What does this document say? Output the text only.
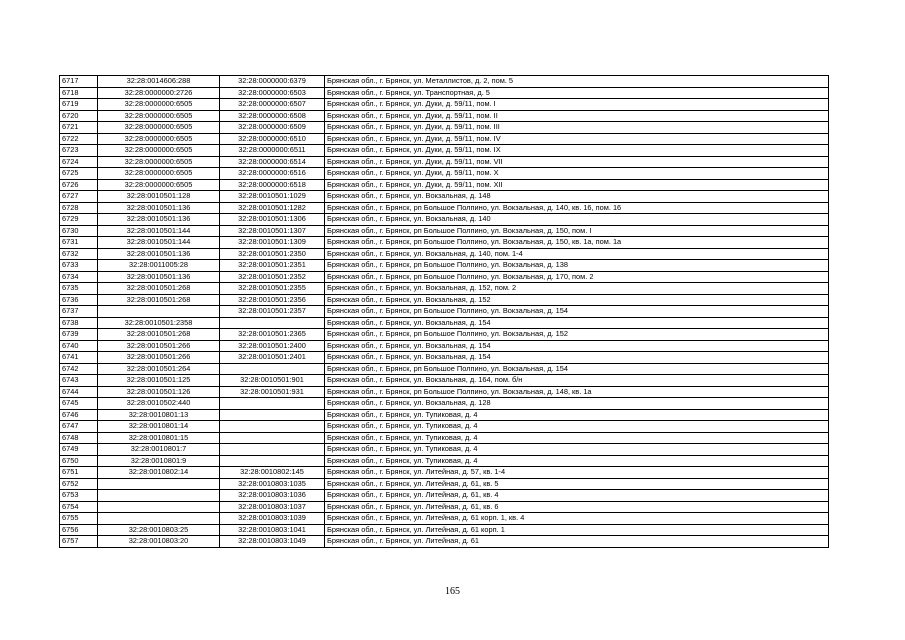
6717	32:28:0014606:288	32:28:0000000:6379	Брянская обл., г. Брянск, ул. Металлистов, д. 2, пом. 5
6718	32:28:0000000:2726	32:28:0000000:6503	Брянская обл., г. Брянск, ул. Транспортная, д. 5
6719	32:28:0000000:6505	32:28:0000000:6507	Брянская обл., г. Брянск, ул. Дуки, д. 59/11, пом. I
6720	32:28:0000000:6505	32:28:0000000:6508	Брянская обл., г. Брянск, ул. Дуки, д. 59/11, пом. II
6721	32:28:0000000:6505	32:28:0000000:6509	Брянская обл., г. Брянск, ул. Дуки, д. 59/11, пом. III
6722	32:28:0000000:6505	32:28:0000000:6510	Брянская обл., г. Брянск, ул. Дуки, д. 59/11, пом. IV
6723	32:28:0000000:6505	32:28:0000000:6511	Брянская обл., г. Брянск, ул. Дуки, д. 59/11, пом. IX
6724	32:28:0000000:6505	32:28:0000000:6514	Брянская обл., г. Брянск, ул. Дуки, д. 59/11, пом. VII
6725	32:28:0000000:6505	32:28:0000000:6516	Брянская обл., г. Брянск, ул. Дуки, д. 59/11, пом. X
6726	32:28:0000000:6505	32:28:0000000:6518	Брянская обл., г. Брянск, ул. Дуки, д. 59/11, пом. XII
6727	32:28:0010501:128	32:28:0010501:1029	Брянская обл., г. Брянск, ул. Вокзальная, д. 148
6728	32:28:0010501:136	32:28:0010501:1282	Брянская обл., г. Брянск, рп Большое Полпино, ул. Вокзальная, д. 140, кв. 16, пом. 16
6729	32:28:0010501:136	32:28:0010501:1306	Брянская обл., г. Брянск, ул. Вокзальная, д. 140
6730	32:28:0010501:144	32:28:0010501:1307	Брянская обл., г. Брянск, рп Большое Полпино, ул. Вокзальная, д. 150, пом. I
6731	32:28:0010501:144	32:28:0010501:1309	Брянская обл., г. Брянск, рп Большое Полпино, ул. Вокзальная, д. 150, кв. 1а, пом. 1а
6732	32:28:0010501:136	32:28:0010501:2350	Брянская обл., г. Брянск, ул. Вокзальная, д. 140, пом. 1-4
6733	32:28:0011005:28	32:28:0010501:2351	Брянская обл., г. Брянск, рп Большое Полпино, ул. Вокзальная, д. 138
6734	32:28:0010501:136	32:28:0010501:2352	Брянская обл., г. Брянск, рп Большое Полпино, ул. Вокзальная, д. 170, пом. 2
6735	32:28:0010501:268	32:28:0010501:2355	Брянская обл., г. Брянск, ул. Вокзальная, д. 152, пом. 2
6736	32:28:0010501:268	32:28:0010501:2356	Брянская обл., г. Брянск, ул. Вокзальная, д. 152
6737		32:28:0010501:2357	Брянская обл., г. Брянск, рп Большое Полпино, ул. Вокзальная, д. 154
6738	32:28:0010501:2358		Брянская обл., г. Брянск, ул. Вокзальная, д. 154
6739	32:28:0010501:268	32:28:0010501:2365	Брянская обл., г. Брянск, рп Большое Полпино, ул. Вокзальная, д. 152
6740	32:28:0010501:266	32:28:0010501:2400	Брянская обл., г. Брянск, ул. Вокзальная, д. 154
6741	32:28:0010501:266	32:28:0010501:2401	Брянская обл., г. Брянск, ул. Вокзальная, д. 154
6742	32:28:0010501:264		Брянская обл., г. Брянск, рп Большое Полпино, ул. Вокзальная, д. 154
6743	32:28:0010501:125	32:28:0010501:901	Брянская обл., г. Брянск, ул. Вокзальная, д. 164, пом. б/н
6744	32:28:0010501:126	32:28:0010501:931	Брянская обл., г. Брянск, рп Большое Полпино, ул. Вокзальная, д. 148, кв. 1а
6745	32:28:0010502:440		Брянская обл., г. Брянск, ул. Вокзальная, д. 128
6746	32:28:0010801:13		Брянская обл., г. Брянск, ул. Тупиковая, д. 4
6747	32:28:0010801:14		Брянская обл., г. Брянск, ул. Тупиковая, д. 4
6748	32:28:0010801:15		Брянская обл., г. Брянск, ул. Тупиковая, д. 4
6749	32:28:0010801:7		Брянская обл., г. Брянск, ул. Тупиковая, д. 4
6750	32:28:0010801:9		Брянская обл., г. Брянск, ул. Тупиковая, д. 4
6751	32:28:0010802:14	32:28:0010802:145	Брянская обл., г. Брянск, ул. Литейная, д. 57, кв. 1-4
6752		32:28:0010803:1035	Брянская обл., г. Брянск, ул. Литейная, д. 61, кв. 5
6753		32:28:0010803:1036	Брянская обл., г. Брянск, ул. Литейная, д. 61, кв. 4
6754		32:28:0010803:1037	Брянская обл., г. Брянск, ул. Литейная, д. 61, кв. 6
6755		32:28:0010803:1039	Брянская обл., г. Брянск, ул. Литейная, д. 61 корп. 1, кв. 4
6756	32:28:0010803:25	32:28:0010803:1041	Брянская обл., г. Брянск, ул. Литейная, д. 61 корп. 1
6757	32:28:0010803:20	32:28:0010803:1049	Брянская обл., г. Брянск, ул. Литейная, д. 61
165
